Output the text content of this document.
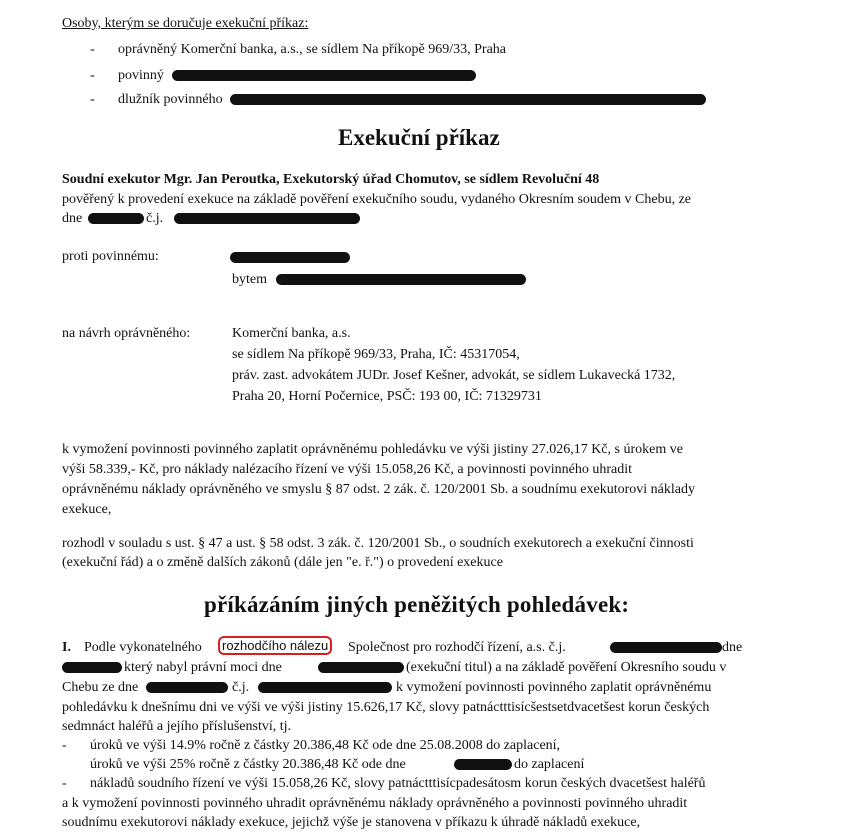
Osoby, kterým se doručuje exekuční příkaz:
- oprávněný Komerční banka, a.s., se sídlem Na příkopě 969/33, Praha
- povinný
- dlužník povinného
Exekuční příkaz
Soudní exekutor Mgr. Jan Peroutka, Exekutorský úřad Chomutov, se sídlem Revoluční 48
pověřený k provedení exekuce na základě pověření exekučního soudu, vydaného Okresním soudem v Chebu, ze
dne	č.j.
proti povinnému:
bytem
na návrh oprávněného:	Komerční banka, a.s.
se sídlem Na příkopě 969/33, Praha, IČ: 45317054,
práv. zast. advokátem JUDr. Josef Kešner, advokát, se sídlem Lukavecká 1732,
Praha 20, Horní Počernice, PSČ: 193 00, IČ: 71329731
k vymožení povinnosti povinného zaplatit oprávněnému pohledávku ve výši jistiny 27.026,17 Kč, s úrokem ve
výši 58.339,- Kč, pro náklady nalézacího řízení ve výši 15.058,26 Kč, a povinnosti povinného uhradit
oprávněnému náklady oprávněného ve smyslu § 87 odst. 2 zák. č. 120/2001 Sb. a soudnímu exekutorovi náklady
exekuce,
rozhodl v souladu s ust. § 47 a ust. § 58 odst. 3 zák. č. 120/2001 Sb., o soudních exekutorech a exekuční činnosti
(exekuční řád) a o změně dalších zákonů (dále jen "e. ř.") o provedení exekuce
příkázáním jiných peněžitých pohledávek:
I. Podle vykonatelného	rozhodčího nálezu Společnost pro rozhodčí řízení, a.s. č.j.	dne
který nabyl právní moci dne	(exekuční titul) a na základě pověření Okresního soudu v
Chebu ze dne	č.j.	k vymožení povinnosti povinného zaplatit oprávněnému
pohledávku k dnešnímu dni ve výši ve výši jistiny 15.626,17 Kč, slovy patnáctttisícšestsetdvacetšest korun českých
sedmnáct haléřů a jejího příslušenství, tj.
- úroků ve výši 14.9% ročně z částky 20.386,48 Kč ode dne 25.08.2008 do zaplacení,
úroků ve výši 25% ročně z částky 20.386,48 Kč ode dne	do zaplacení
- nákladů soudního řízení ve výši 15.058,26 Kč, slovy patnáctttisícpadesátosm korun českých dvacetšest haléřů
a k vymožení povinnosti povinného uhradit oprávněnému náklady oprávněného a povinnosti povinného uhradit
soudnímu exekutorovi náklady exekuce, jejichž výše je stanovena v příkazu k úhradě nákladů exekuce,
